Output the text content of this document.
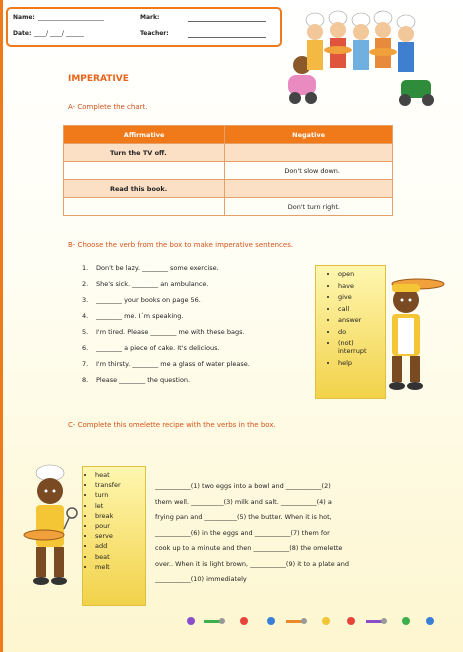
Name: ______________________	Mark:
Date: ____/ ____/ ______	Teacher:
IMPERATIVE
A- Complete the chart.
Affirmative	Negative
Turn the TV off.	
	Don't slow down.
Read this book.	
	Don't turn right.
B- Choose the verb from the box to make imperative sentences.
1. Don't be lazy. ________ some exercise.
2. She's sick. ________ an ambulance.
3. ________ your books on page 56.
4. ________ me. I´m speaking.
5. I'm tired. Please ________ me with these bags.
6. ________ a piece of cake. It's delicious.
7. I'm thirsty. ________ me a glass of water please.
8. Please ________ the question.
• open
• have
• give
• call
• answer
• do
• (not) interrupt
• help
C- Complete this omelette recipe with the verbs in the box.
• heat
• transfer
• turn
• let
• break
• pour
• serve
• add
• beat
• melt
___________(1) two eggs into a bowl and ___________(2)
them well. __________(3) milk and salt. ___________(4) a
frying pan and __________(5) the butter. When it is hot,
___________(6) in the eggs and ___________(7) them for
cook up to a minute and then ___________(8) the omelette
over.. When it is light brown, ___________(9) it to a plate and
___________(10) immediately
